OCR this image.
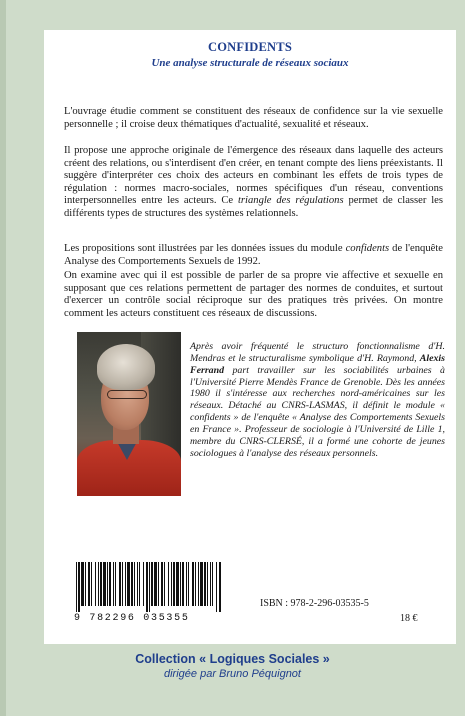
CONFIDENTS
Une analyse structurale de réseaux sociaux

L'ouvrage étudie comment se constituent des réseaux de confidence sur la vie sexuelle personnelle ; il croise deux thématiques d'actualité, sexualité et réseaux.

Il propose une approche originale de l'émergence des réseaux dans laquelle des acteurs créent des relations, ou s'interdisent d'en créer, en tenant compte des liens préexistants. Il suggère d'interpréter ces choix des acteurs en combinant les effets de trois types de régulation : normes macro-sociales, normes spécifiques d'un réseau, conventions interpersonnelles entre les acteurs. Ce triangle des régulations permet de classer les différents types de structures des systèmes relationnels.

Les propositions sont illustrées par les données issues du module confidents de l'enquête Analyse des Comportements Sexuels de 1992.

On examine avec qui il est possible de parler de sa propre vie affective et sexuelle en supposant que ces relations permettent de partager des normes de conduites, et surtout d'exercer un contrôle social réciproque sur des pratiques très privées. On montre comment les acteurs constituent ces réseaux de discussions.

Après avoir fréquenté le structuro fonctionnalisme d'H. Mendras et le structuralisme symbolique d'H. Raymond, Alexis Ferrand part travailler sur les sociabilités urbaines à l'Université Pierre Mendès France de Grenoble. Dès les années 1980 il s'intéresse aux recherches nord-américaines sur les réseaux. Détaché au CNRS-LASMAS, il définit le module « confidents » de l'enquête « Analyse des Comportements Sexuels en France ». Professeur de sociologie à l'Université de Lille 1, membre du CNRS-CLERSÉ, il a formé une cohorte de jeunes sociologues à l'analyse des réseaux personnels.

9 782296 035355
ISBN : 978-2-296-03535-5
18 €
Collection « Logiques Sociales »
dirigée par Bruno Péquignot
